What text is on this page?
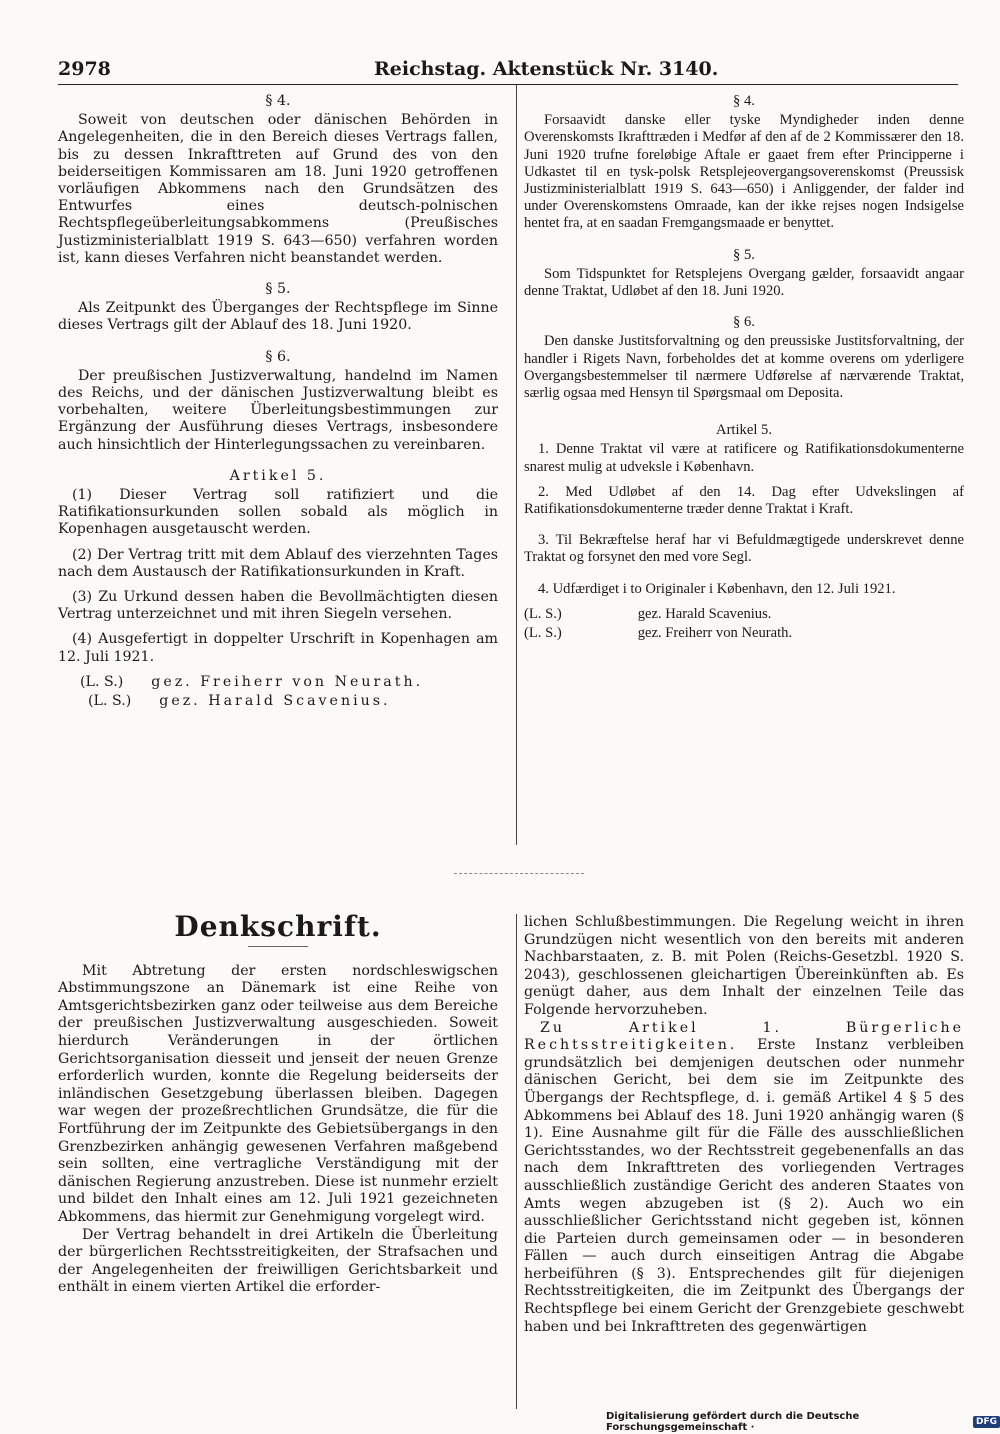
2978	Reichstag. Aktenstück Nr. 3140.
§ 4.

Soweit von deutschen oder dänischen Behörden in Angelegenheiten, die in den Bereich dieses Vertrags fallen, bis zu dessen Inkrafttreten auf Grund des von den beiderseitigen Kommissaren am 18. Juni 1920 getroffenen vorläufigen Abkommens nach den Grundsätzen des Entwurfes eines deutsch-polnischen Rechtspflegeüberleitungsabkommens (Preußisches Justizministerialblatt 1919 S. 643—650) verfahren worden ist, kann dieses Verfahren nicht beanstandet werden.

§ 5.

Als Zeitpunkt des Überganges der Rechtspflege im Sinne dieses Vertrags gilt der Ablauf des 18. Juni 1920.

§ 6.

Der preußischen Justizverwaltung, handelnd im Namen des Reichs, und der dänischen Justizverwaltung bleibt es vorbehalten, weitere Überleitungsbestimmungen zur Ergänzung der Ausführung dieses Vertrags, insbesondere auch hinsichtlich der Hinterlegungssachen zu vereinbaren.

Artikel 5.
(1) Dieser Vertrag soll ratifiziert und die Ratifikationsurkunden sollen sobald als möglich in Kopenhagen ausgetauscht werden.
(2) Der Vertrag tritt mit dem Ablauf des vierzehnten Tages nach dem Austausch der Ratifikationsurkunden in Kraft.
(3) Zu Urkund dessen haben die Bevollmächtigten diesen Vertrag unterzeichnet und mit ihren Siegeln versehen.
(4) Ausgefertigt in doppelter Urschrift in Kopenhagen am 12. Juli 1921.
(L. S.) gez. Freiherr von Neurath.
(L. S.) gez. Harald Scavenius.
§ 4.

Forsaavidt danske eller tyske Myndigheder inden denne Overenskomsts Ikrafttræden i Medfør af den af de 2 Kommissærer den 18. Juni 1920 trufne foreløbige Aftale er gaaet frem efter Principperne i Udkastet til en tysk-polsk Retsplejeovergangsoverenskomst (Preussisk Justizministerialblatt 1919 S. 643—650) i Anliggender, der falder ind under Overenskomstens Omraade, kan der ikke rejses nogen Indsigelse hentet fra, at en saadan Fremgangsmaade er benyttet.

§ 5.

Som Tidspunktet for Retsplejens Overgang gælder, forsaavidt angaar denne Traktat, Udløbet af den 18. Juni 1920.

§ 6.

Den danske Justitsforvaltning og den preussiske Justitsforvaltning, der handler i Rigets Navn, forbeholdes det at komme overens om yderligere Overgangsbestemmelser til nærmere Udførelse af nærværende Traktat, særlig ogsaa med Hensyn til Spørgsmaal om Deposita.

Artikel 5.
1. Denne Traktat vil være at ratificere og Ratifikationsdokumenterne snarest mulig at udveksle i København.
2. Med Udløbet af den 14. Dag efter Udvekslingen af Ratifikationsdokumenterne træder denne Traktat i Kraft.
3. Til Bekræftelse heraf har vi Befuldmægtigede underskrevet denne Traktat og forsynet den med vore Segl.
4. Udfærdiget i to Originaler i København, den 12. Juli 1921.
(L. S.)	gez. Harald Scavenius.
(L. S.)	gez. Freiherr von Neurath.
Denkschrift.

Mit Abtretung der ersten nordschleswigschen Abstimmungszone an Dänemark ist eine Reihe von Amtsgerichtsbezirken ganz oder teilweise aus dem Bereiche der preußischen Justizverwaltung ausgeschieden. Soweit hierdurch Veränderungen in der örtlichen Gerichtsorganisation diesseit und jenseit der neuen Grenze erforderlich wurden, konnte die Regelung beiderseits der inländischen Gesetzgebung überlassen bleiben. Dagegen war wegen der prozeßrechtlichen Grundsätze, die für die Fortführung der im Zeitpunkte des Gebietsübergangs in den Grenzbezirken anhängig gewesenen Verfahren maßgebend sein sollten, eine vertragliche Verständigung mit der dänischen Regierung anzustreben. Diese ist nunmehr erzielt und bildet den Inhalt eines am 12. Juli 1921 gezeichneten Abkommens, das hiermit zur Genehmigung vorgelegt wird.

Der Vertrag behandelt in drei Artikeln die Überleitung der bürgerlichen Rechtsstreitigkeiten, der Strafsachen und der Angelegenheiten der freiwilligen Gerichtsbarkeit und enthält in einem vierten Artikel die erforder-

lichen Schlußbestimmungen. Die Regelung weicht in ihren Grundzügen nicht wesentlich von den bereits mit anderen Nachbarstaaten, z. B. mit Polen (Reichs-Gesetzbl. 1920 S. 2043), geschlossenen gleichartigen Übereinkünften ab. Es genügt daher, aus dem Inhalt der einzelnen Teile das Folgende hervorzuheben.

Zu Artikel 1. Bürgerliche Rechtsstreitigkeiten. Erste Instanz verbleiben grundsätzlich bei demjenigen deutschen oder nunmehr dänischen Gericht, bei dem sie im Zeitpunkte des Übergangs der Rechtspflege, d. i. gemäß Artikel 4 § 5 des Abkommens bei Ablauf des 18. Juni 1920 anhängig waren (§ 1). Eine Ausnahme gilt für die Fälle des ausschließlichen Gerichtsstandes, wo der Rechtsstreit gegebenenfalls an das nach dem Inkrafttreten des vorliegenden Vertrages ausschließlich zuständige Gericht des anderen Staates von Amts wegen abzugeben ist (§ 2). Auch wo ein ausschließlicher Gerichtsstand nicht gegeben ist, können die Parteien durch gemeinsamen oder — in besonderen Fällen — auch durch einseitigen Antrag die Abgabe herbeiführen (§ 3). Entsprechendes gilt für diejenigen Rechtsstreitigkeiten, die im Zeitpunkt des Übergangs der Rechtspflege bei einem Gericht der Grenzgebiete geschwebt haben und bei Inkrafttreten des gegenwärtigen

Digitalisierung gefördert durch die Deutsche Forschungsgemeinschaft ·	DFG
